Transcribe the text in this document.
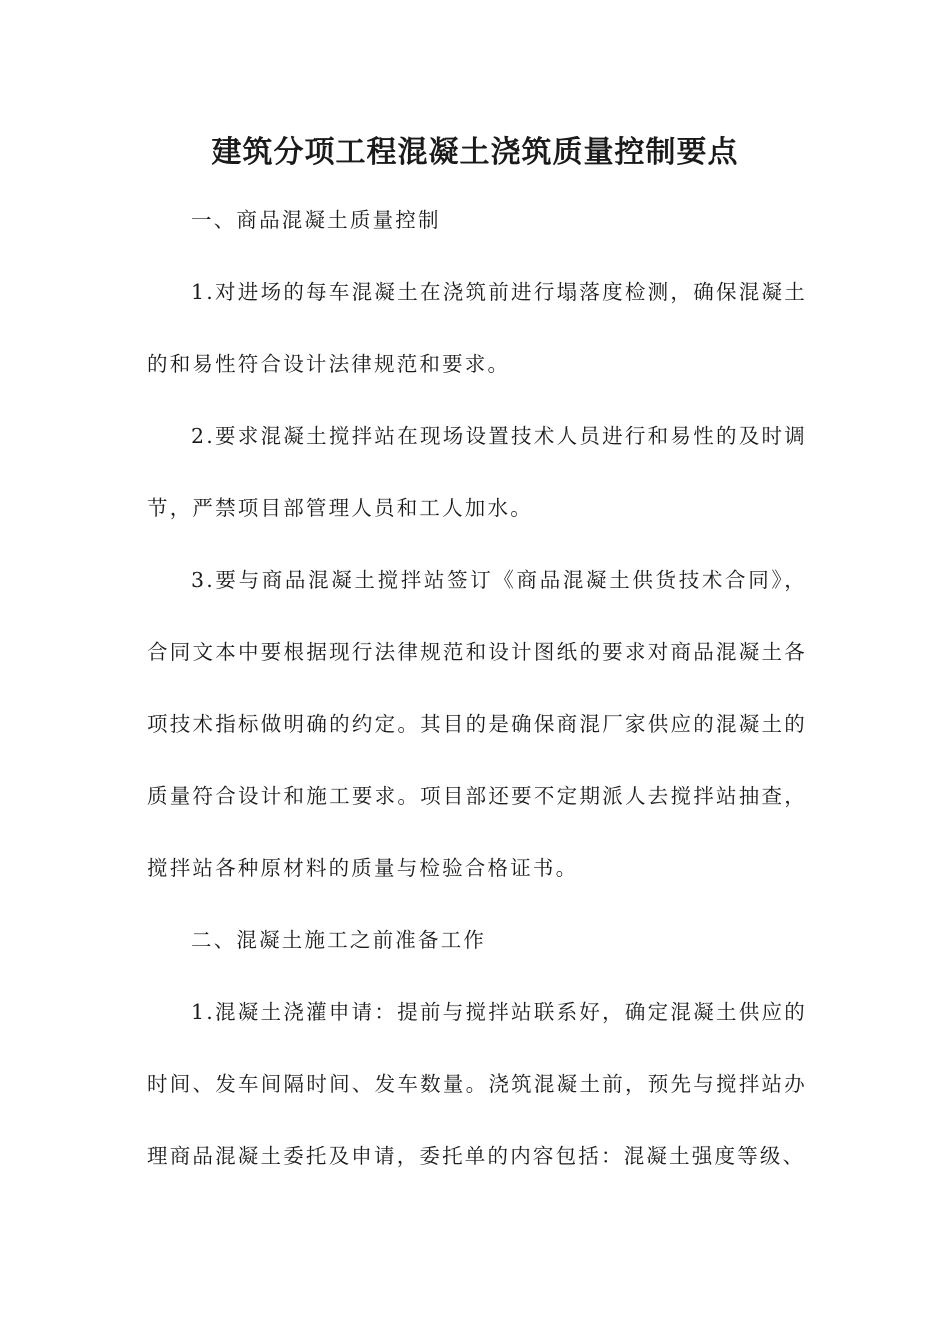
建筑分项工程混凝土浇筑质量控制要点

一、商品混凝土质量控制

1.对进场的每车混凝土在浇筑前进行塌落度检测，确保混凝土的和易性符合设计法律规范和要求。

2.要求混凝土搅拌站在现场设置技术人员进行和易性的及时调节，严禁项目部管理人员和工人加水。

3.要与商品混凝土搅拌站签订《商品混凝土供货技术合同》，合同文本中要根据现行法律规范和设计图纸的要求对商品混凝土各项技术指标做明确的约定。其目的是确保商混厂家供应的混凝土的质量符合设计和施工要求。项目部还要不定期派人去搅拌站抽查，搅拌站各种原材料的质量与检验合格证书。

二、混凝土施工之前准备工作

1.混凝土浇灌申请：提前与搅拌站联系好，确定混凝土供应的时间、发车间隔时间、发车数量。浇筑混凝土前，预先与搅拌站办理商品混凝土委托及申请，委托单的内容包括：混凝土强度等级、
